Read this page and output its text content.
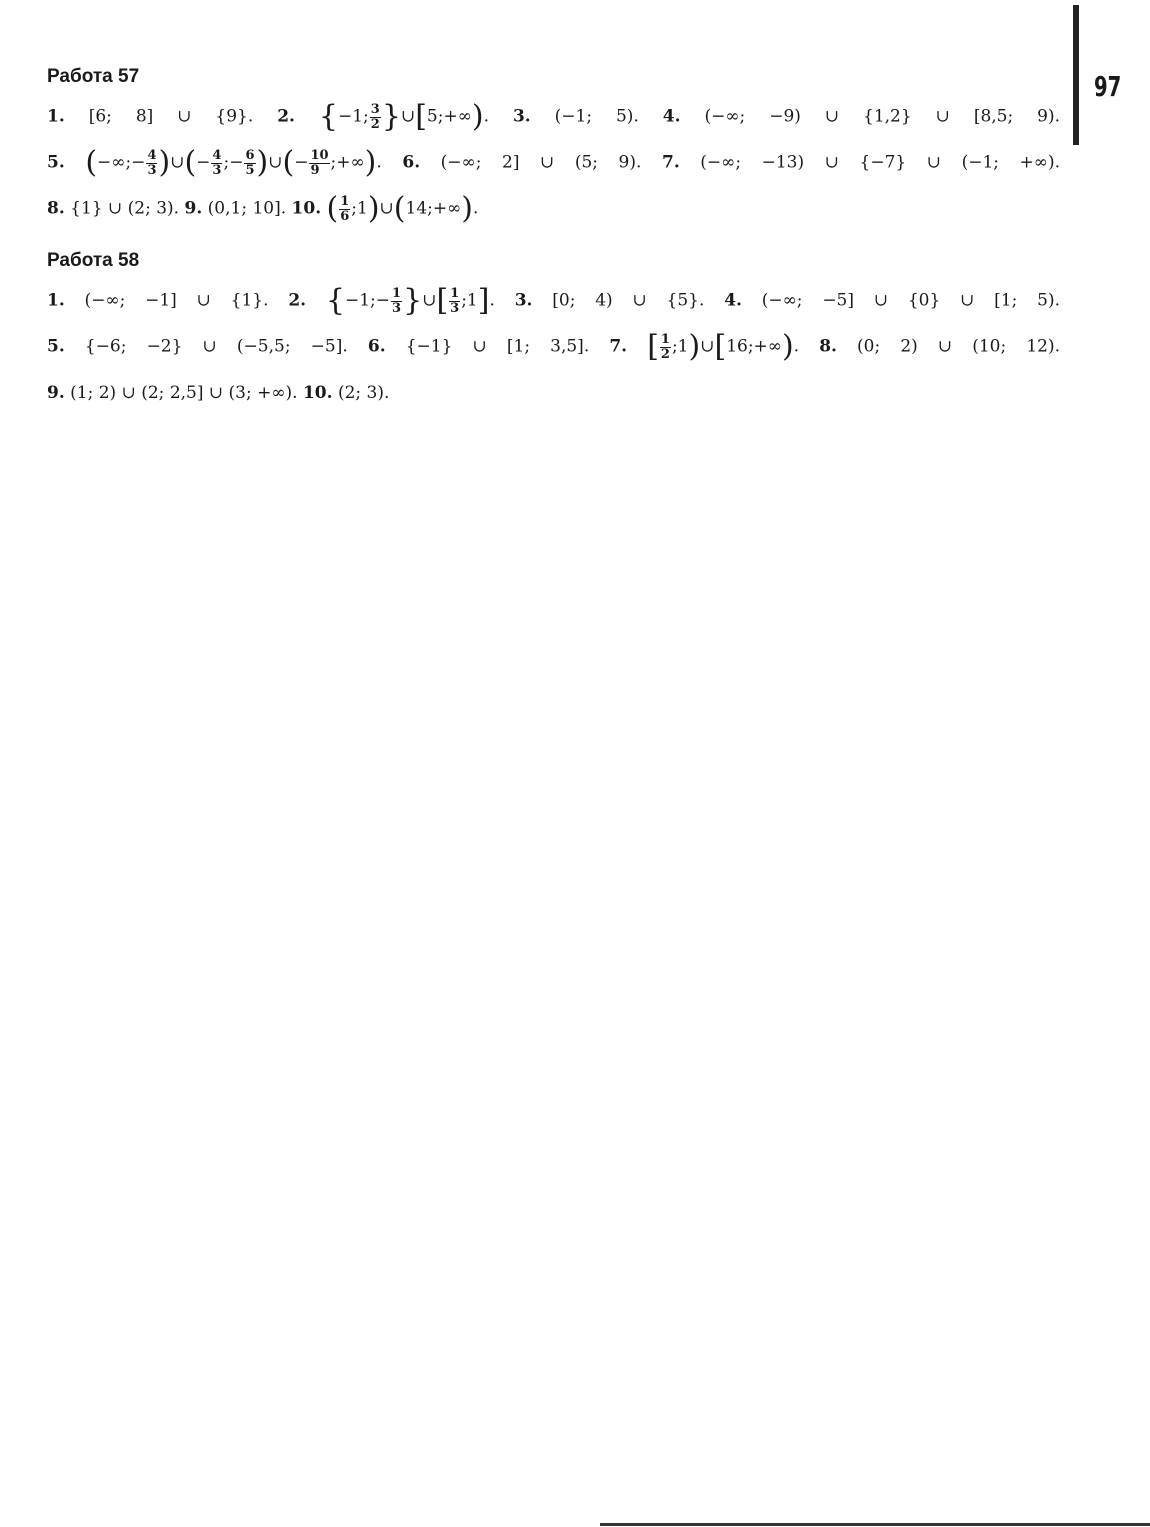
97
Работа 57
1. [6; 8] ∪ {9}. 2. {−1; $\frac{3}{2}$ }∪[5;+∞). 3. (−1; 5). 4. (−∞; −9) ∪ {1,2} ∪ [8,5; 9).
5. (−∞;− $\frac{4}{3}$ )∪(− $\frac{4}{3}$ ;− $\frac{6}{5}$ )∪(− $\frac{10}{9}$ ;+∞). 6. (−∞; 2] ∪ (5; 9). 7. (−∞; −13) ∪ {−7} ∪ (−1; +∞).
8. {1} ∪ (2; 3). 9. (0,1; 10]. 10. ( $\frac{1}{6}$ ;1)∪(14;+∞).
Работа 58
1. (−∞; −1] ∪ {1}. 2. {−1;− $\frac{1}{3}$ }∪[ $\frac{1}{3}$ ;1]. 3. [0; 4) ∪ {5}. 4. (−∞; −5] ∪ {0} ∪ [1; 5).
5. {−6; −2} ∪ (−5,5; −5]. 6. {−1} ∪ [1; 3,5]. 7. [ $\frac{1}{2}$ ;1)∪[16;+∞). 8. (0; 2) ∪ (10; 12).
9. (1; 2) ∪ (2; 2,5] ∪ (3; +∞). 10. (2; 3).
